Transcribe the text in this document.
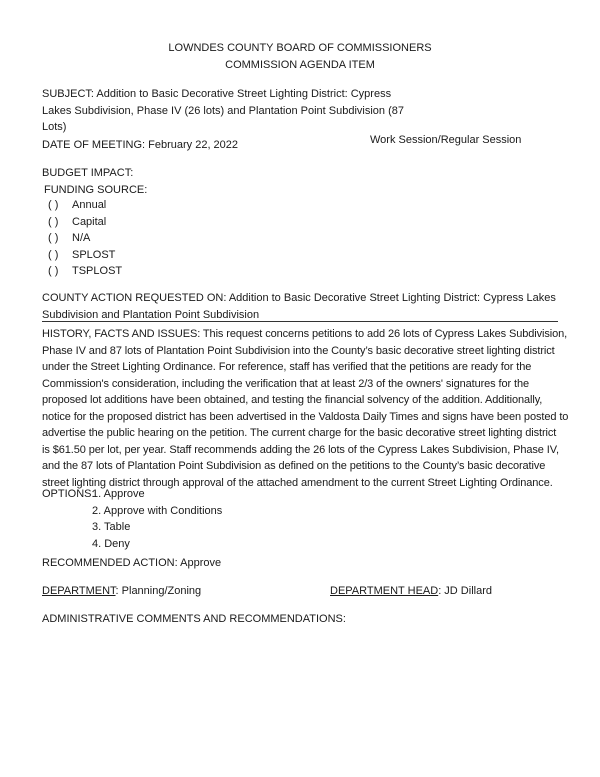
LOWNDES COUNTY BOARD OF COMMISSIONERS
COMMISSION AGENDA ITEM
SUBJECT: Addition to Basic Decorative Street Lighting District: Cypress
Lakes Subdivision, Phase IV (26 lots) and Plantation Point Subdivision (87
Lots)
DATE OF MEETING: February 22, 2022	Work Session/Regular Session
BUDGET IMPACT:
FUNDING SOURCE:
( ) Annual
( ) Capital
( ) N/A
( ) SPLOST
( ) TSPLOST
COUNTY ACTION REQUESTED ON: Addition to Basic Decorative Street Lighting District: Cypress Lakes
Subdivision and Plantation Point Subdivision
HISTORY, FACTS AND ISSUES: This request concerns petitions to add 26 lots of Cypress Lakes Subdivision,
Phase IV and 87 lots of Plantation Point Subdivision into the County’s basic decorative street lighting district
under the Street Lighting Ordinance. For reference, staff has verified that the petitions are ready for the
Commission's consideration, including the verification that at least 2/3 of the owners' signatures for the
proposed lot additions have been obtained, and testing the financial solvency of the addition. Additionally,
notice for the proposed district has been advertised in the Valdosta Daily Times and signs have been posted to
advertise the public hearing on the petition. The current charge for the basic decorative street lighting district
is $61.50 per lot, per year. Staff recommends adding the 26 lots of the Cypress Lakes Subdivision, Phase IV,
and the 87 lots of Plantation Point Subdivision as defined on the petitions to the County’s basic decorative
street lighting district through approval of the attached amendment to the current Street Lighting Ordinance.
OPTIONS:
1. Approve
2. Approve with Conditions
3. Table
4. Deny
RECOMMENDED ACTION: Approve
DEPARTMENT: Planning/Zoning	DEPARTMENT HEAD: JD Dillard
ADMINISTRATIVE COMMENTS AND RECOMMENDATIONS:
